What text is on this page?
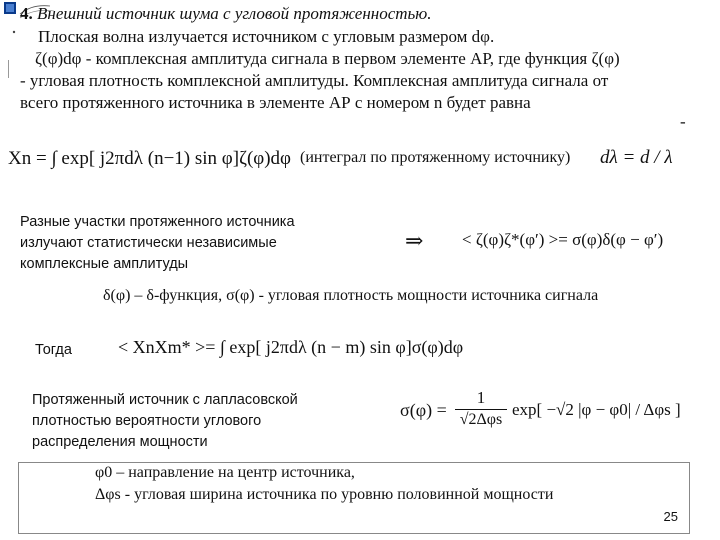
4. Внешний источник шума с угловой протяженностью.
Плоская волна излучается источником с угловым размером dφ.
ζ(φ)dφ - комплексная амплитуда сигнала в первом элементе АР, где функция ζ(φ)
- угловая плотность комплексной амплитуды. Комплексная амплитуда сигнала от
всего протяженного источника в элементе АР с номером n будет равна
-
Xn = ∫ exp[ j2πdλ (n−1) sin φ]ζ(φ)dφ (интеграл по протяженному источнику) dλ = d / λ
Разные участки протяженного источника
излучают статистически независимые
комплексные амплитуды
⇒ < ζ(φ)ζ*(φ′) >= σ(φ)δ(φ − φ′)
δ(φ) – δ-функция, σ(φ) - угловая плотность мощности источника сигнала
Тогда	< XnXm* >= ∫ exp[ j2πdλ (n − m) sin φ]σ(φ)dφ
Протяженный источник с лапласовской
плотностью вероятности углового
распределения мощности
σ(φ) =
1
√2Δφs
exp[ −√2 |φ − φ0| / Δφs ]
φ0 – направление на центр источника,
Δφs - угловая ширина источника по уровню половинной мощности
25
